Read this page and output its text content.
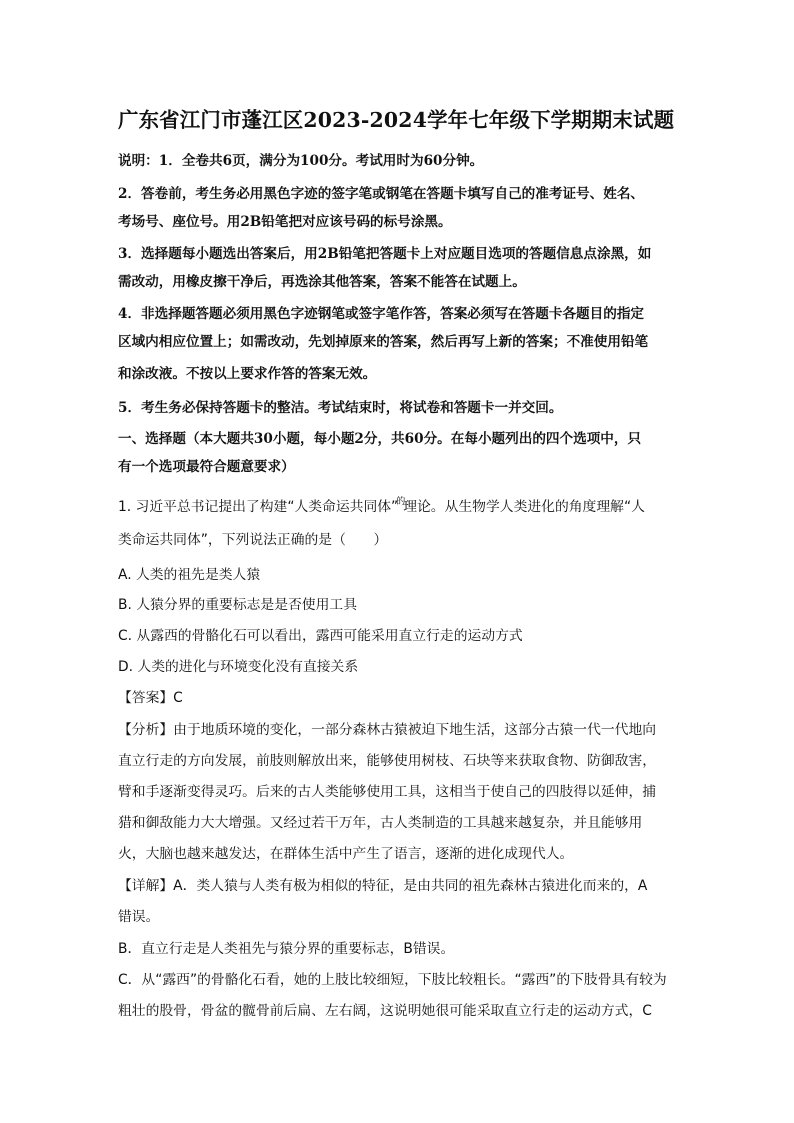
广东省江门市蓬江区2023-2024学年七年级下学期期末试题
说明：1．全卷共6页，满分为100分。考试用时为60分钟。
2．答卷前，考生务必用黑色字迹的签字笔或钢笔在答题卡填写自己的准考证号、姓名、
考场号、座位号。用2B铅笔把对应该号码的标号涂黑。
3．选择题每小题选出答案后，用2B铅笔把答题卡上对应题目选项的答题信息点涂黑，如
需改动，用橡皮擦干净后，再选涂其他答案，答案不能答在试题上。
4．非选择题答题必须用黑色字迹钢笔或签字笔作答，答案必须写在答题卡各题目的指定
区域内相应位置上；如需改动，先划掉原来的答案，然后再写上新的答案；不准使用铅笔
和涂改液。不按以上要求作答的答案无效。
5．考生务必保持答题卡的整洁。考试结束时，将试卷和答题卡一并交回。
一、选择题（本大题共30小题，每小题2分，共60分。在每小题列出的四个选项中，只
有一个选项最符合题意要求）
1. 习近平总书记提出了构建“人类命运共同体”$^的$理论。从生物学人类进化的角度理解“人
类命运共同体”，下列说法正确的是（　　）
A. 人类的祖先是类人猿
B. 人猿分界的重要标志是是否使用工具
C. 从露西的骨骼化石可以看出，露西可能采用直立行走的运动方式
D. 人类的进化与环境变化没有直接关系
【答案】C
【分析】由于地质环境的变化，一部分森林古猿被迫下地生活，这部分古猿一代一代地向
直立行走的方向发展，前肢则解放出来，能够使用树枝、石块等来获取食物、防御敌害，
臂和手逐渐变得灵巧。后来的古人类能够使用工具，这相当于使自己的四肢得以延伸，捕
猎和御敌能力大大增强。又经过若干万年，古人类制造的工具越来越复杂，并且能够用
火，大脑也越来越发达，在群体生活中产生了语言，逐渐的进化成现代人。
【详解】A．类人猿与人类有极为相似的特征，是由共同的祖先森林古猿进化而来的，A
错误。
B．直立行走是人类祖先与猿分界的重要标志，B错误。
C．从“露西”的骨骼化石看，她的上肢比较细短，下肢比较粗长。“露西”的下肢骨具有较为
粗壮的股骨，骨盆的髋骨前后扁、左右阔，这说明她很可能采取直立行走的运动方式，C
